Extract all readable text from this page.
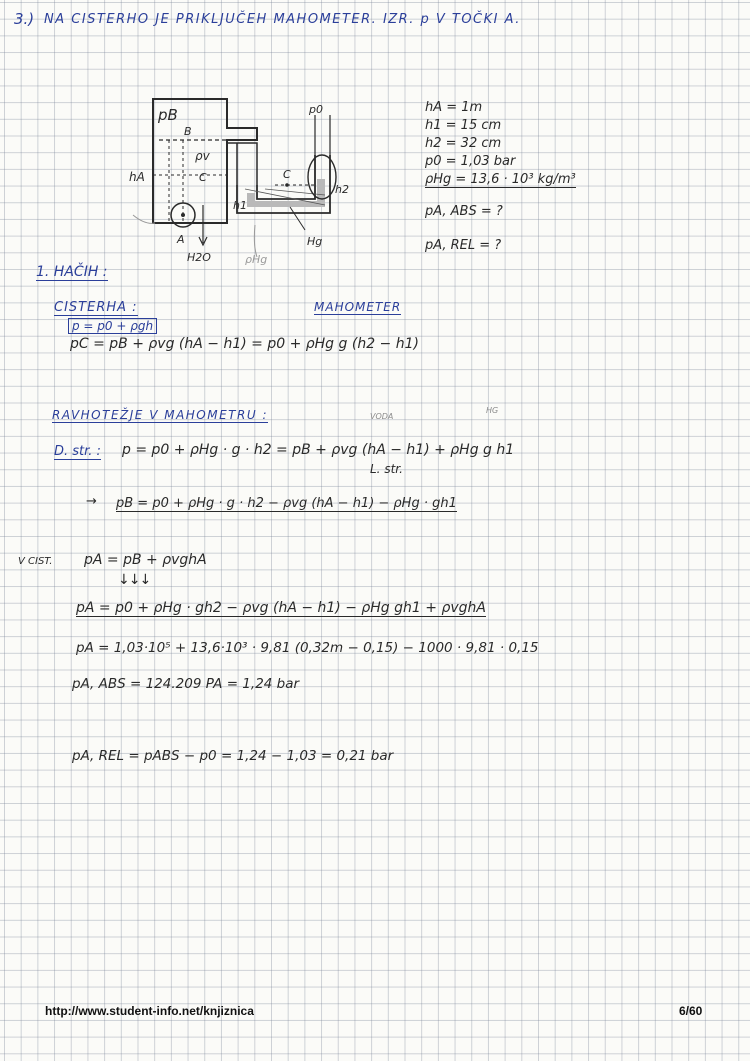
3.) NA CISTERHO JE PRIKLJUČEH MAHOMETER. IZR. p V TOČKI A.
pB
B
ρv
hA	C
A
H2O
h1
Hg
ρHg
p0
C
h2
hA = 1m
h1 = 15 cm
h2 = 32 cm
p0 = 1,03 bar
ρHg = 13,6 · 10³ kg/m³
pA, ABS = ?
pA, REL = ?
1. HAČIH :
CISTERHA :	MAHOMETER
p = p0 + ρgh
pC = pB + ρvg (hA − h1) = p0 + ρHg g (h2 − h1)
RAVHOTEŽJE V MAHOMETRU :	VODA
HG
D. str. : p = p0 + ρHg · g · h2 = pB + ρvg (hA − h1) + ρHg g h1
L. str.
→ pB = p0 + ρHg · g · h2 − ρvg (hA − h1) − ρHg · gh1
V CIST. pA = pB + ρvghA
↓↓↓
pA = p0 + ρHg · gh2 − ρvg (hA − h1) − ρHg gh1 + ρvghA
pA = 1,03·10⁵ + 13,6·10³ · 9,81 (0,32m − 0,15) − 1000 · 9,81 · 0,15
pA, ABS = 124.209 PA = 1,24 bar
pA, REL = pABS − p0 = 1,24 − 1,03 = 0,21 bar
http://www.student-info.net/knjiznica	6/60
